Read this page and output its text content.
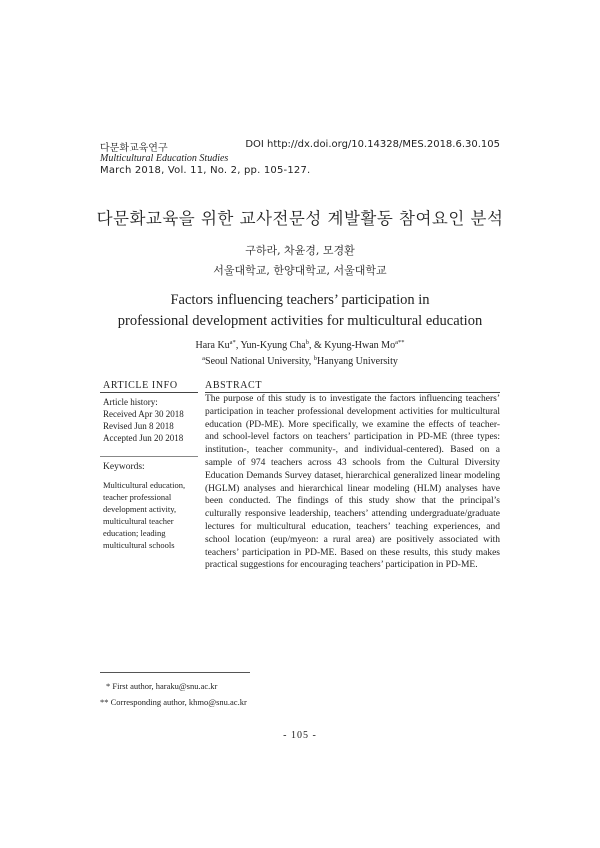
다문화교육연구
Multicultural Education Studies
March 2018, Vol. 11, No. 2, pp. 105-127.
DOI http://dx.doi.org/10.14328/MES.2018.6.30.105
다문화교육을 위한 교사전문성 계발활동 참여요인 분석
구하라, 차윤경, 모경환
서울대학교, 한양대학교, 서울대학교
Factors influencing teachers’ participation in
professional development activities for multicultural education
Hara $Ku^{a*}$, Yun-Kyung Cha$^b$, & Kyung-Hwan $Mo^{a**}$
$^a$Seoul National University, $^b$Hanyang University
ARTICLE INFO
Article history:
Received Apr 30 2018
Revised Jun 8 2018
Accepted Jun 20 2018
Keywords:
Multicultural education, teacher professional development activity, multicultural teacher education; leading multicultural schools
ABSTRACT
The purpose of this study is to investigate the factors influencing teachers’ participation in teacher professional development activities for multicultural education (PD-ME). More specifically, we examine the effects of teacher- and school-level factors on teachers’ participation in PD-ME (three types: institution-, teacher community-, and individual-centered). Based on a sample of 974 teachers across 43 schools from the Cultural Diversity Education Demands Survey dataset, hierarchical generalized linear modeling (HGLM) analyses and hierarchical linear modeling (HLM) analyses have been conducted. The findings of this study show that the principal’s culturally responsive leadership, teachers’ attending undergraduate/graduate lectures for multicultural education, teachers’ teaching experiences, and school location (eup/myeon: a rural area) are positively associated with teachers’ participation in PD-ME. Based on these results, this study makes practical suggestions for encouraging teachers’ participation in PD-ME.
* First author, haraku@snu.ac.kr
** Corresponding author, khmo@snu.ac.kr
- 105 -
